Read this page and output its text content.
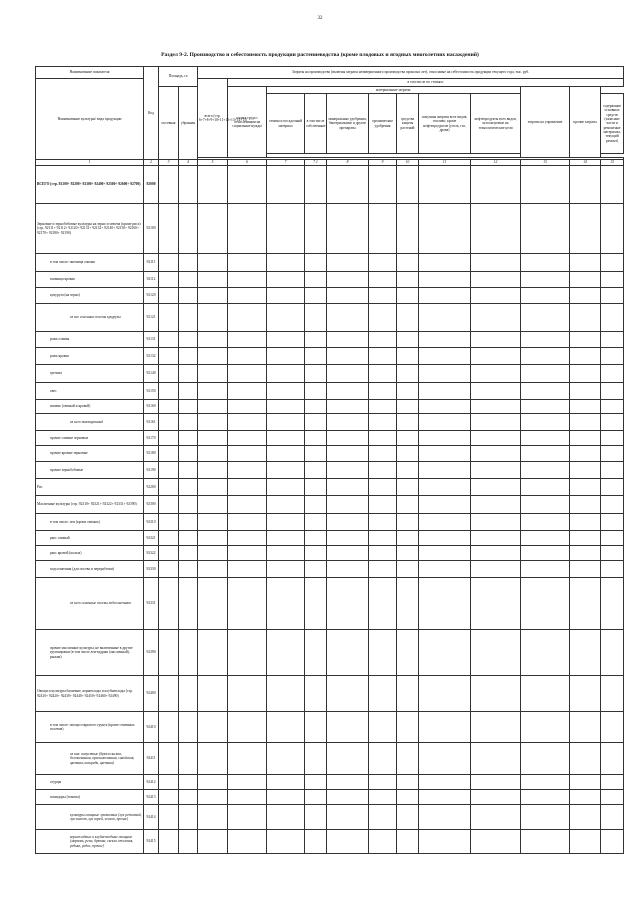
32
Раздел 9-2. Производство и себестоимость продукции растениеводства (кроме плодовых и ягодных многолетних насаждений)
Наименование показателя	Код	Площадь, га		Затраты на производство (включая затраты незавершенного производства прошлых лет), относимые на себестоимость продукции текущего года, тыс. руб.											
Наименование культуры/ вида продукции				всего (стр. 6+7+8+9+10+11+12+13+14+15)	в том числе по статьям:										
		посевная	убранная		оплата труда с отчислениями на социальные нужды	материальные затраты:							затраты на управление	прочие затраты	
						семена и посадочный материал	в том числе собственные	минеральные удобрения, бактериальные и другие препараты	органические удобрения	средства защиты растений	покупная энергия всех видов, топливо, кроме нефтепродуктов (уголь, газ, дрова)	нефтепродукты всех видов, используемые на технологические цели			содержание основных средств (запасные части и ремонтные материалы, текущий ремонт)

1	2	3	4	5	6	7	7.1	8	9	10	11	12	13	14	15
ВСЕГО (стр. 92100+ 92200+ 92300+ 92400+ 92500+ 92600+ 92700)	92000														
Зерновые и зернобобовые культуры на зерно и semena (кроме риса) (стр. 92111+ 92112+ 92120+ 92131+ 92132+ 92140+ 92150+ 92160+ 92170+ 92180+ 92190)	92100														
в том числе: пшеница озимая	92111														
пшеница яровая	92112														
кукуруза (на зерно)	92120														
из нее семенные посевы кукурузы	92121														
рожь озимая	92131														
рожь яровая	92132														
гречиха	92140														
овес	92150														
ячмень (озимый и яровой)	92160														
из него пивоваренный	92161														
прочие озимые зерновые	92170														
прочие яровые зерновые	92180														
прочие зернобобовые	92190														
Рис	92200														
Масличные культуры (стр. 92310+ 92321+ 92322+ 92331+ 92390)	92300														
в том числе: лен (кроме озимых)	92310														
рапс озимый	92321														
рапс яровой (кольза)	92322														
подсолнечник (для посева и переработки)	92330														
из него семенные посевы подсолнечника	92331														
прочие масличные культуры, не включенные в другие группировки (в том числе лен-кудряш (масличный), рыжик)	92390														
Овощи и культуры бахчевые, корнеплоды и клубнеплоды (стр. 92410+ 92420+ 92430+ 92440+ 92450+ 92460+ 92490)	92400														
в том числе: овощи открытого грунта (кроме семенных посевов)	92410														
из них: капустные (брюссельская, белокочанная, краснокочанная, савойская, цветная, кольраби, цветная)	92411														
огурцы	92412														
помидоры (томаты)	92413														
культуры овощные луковичные (лук репчатый, лук-шалот, лук порей, чеснок, прочие)	92414														
корнеплодные и клубнеплодные овощные (морковь, репа, брюква, свекла столовая, редька, редис, прочие)	92415														
